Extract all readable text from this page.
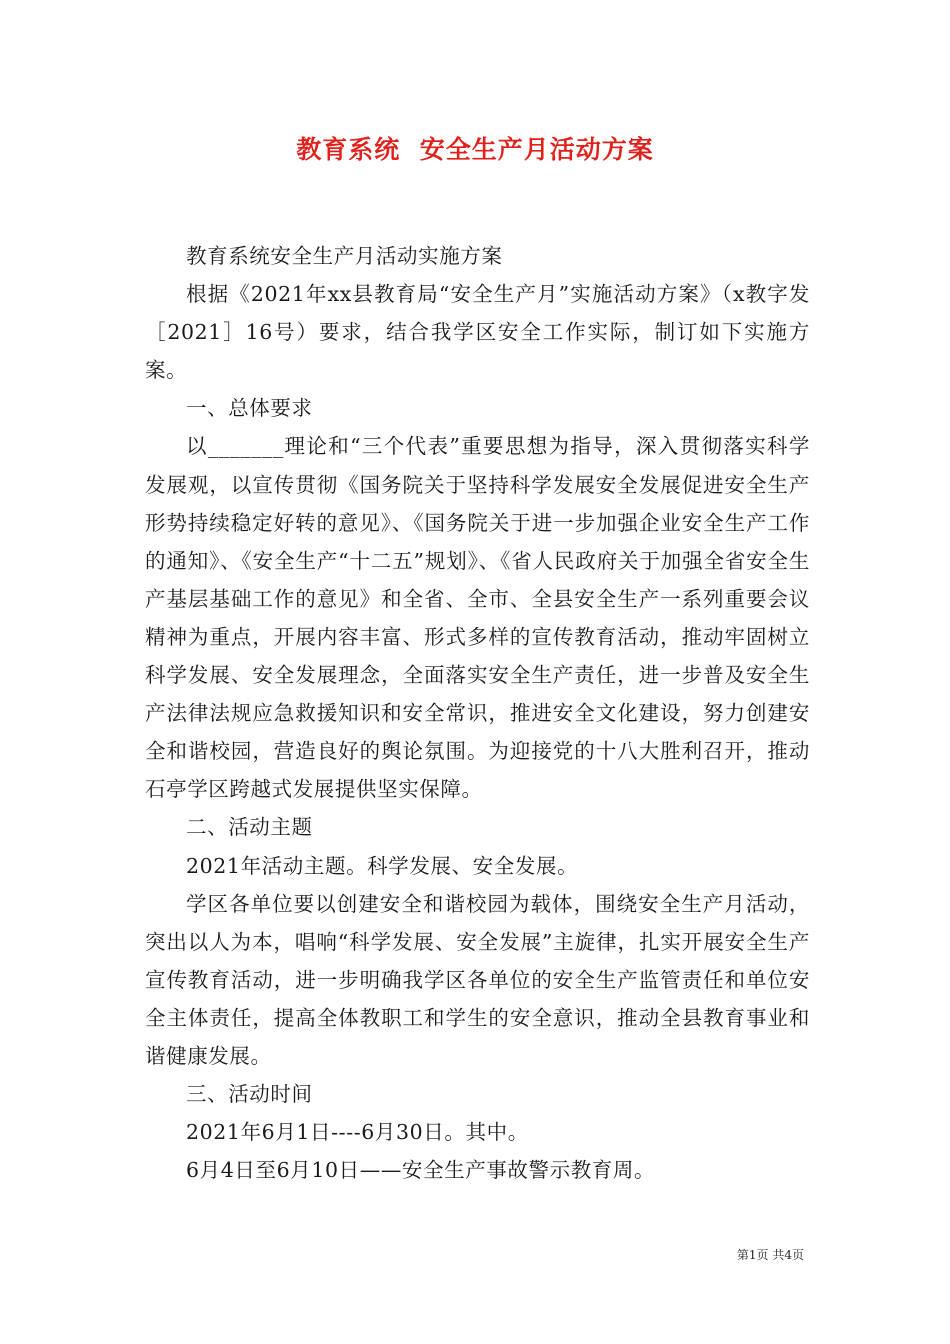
教育系统  安全生产月活动方案

教育系统安全生产月活动实施方案

根据《2021年xx县教育局“安全生产月”实施活动方案》（x教字发［2021］16号）要求，结合我学区安全工作实际，制订如下实施方案。

一、总体要求

以_______理论和“三个代表”重要思想为指导，深入贯彻落实科学发展观，以宣传贯彻《国务院关于坚持科学发展安全发展促进安全生产形势持续稳定好转的意见》、《国务院关于进一步加强企业安全生产工作的通知》、《安全生产“十二五”规划》、《省人民政府关于加强全省安全生产基层基础工作的意见》和全省、全市、全县安全生产一系列重要会议精神为重点，开展内容丰富、形式多样的宣传教育活动，推动牢固树立科学发展、安全发展理念，全面落实安全生产责任，进一步普及安全生产法律法规应急救援知识和安全常识，推进安全文化建设，努力创建安全和谐校园，营造良好的舆论氛围。为迎接党的十八大胜利召开，推动石亭学区跨越式发展提供坚实保障。

二、活动主题

2021年活动主题。科学发展、安全发展。

学区各单位要以创建安全和谐校园为载体，围绕安全生产月活动，突出以人为本，唱响“科学发展、安全发展”主旋律，扎实开展安全生产宣传教育活动，进一步明确我学区各单位的安全生产监管责任和单位安全主体责任，提高全体教职工和学生的安全意识，推动全县教育事业和谐健康发展。

三、活动时间

2021年6月1日----6月30日。其中。

6月4日至6月10日——安全生产事故警示教育周。

第1页 共4页
